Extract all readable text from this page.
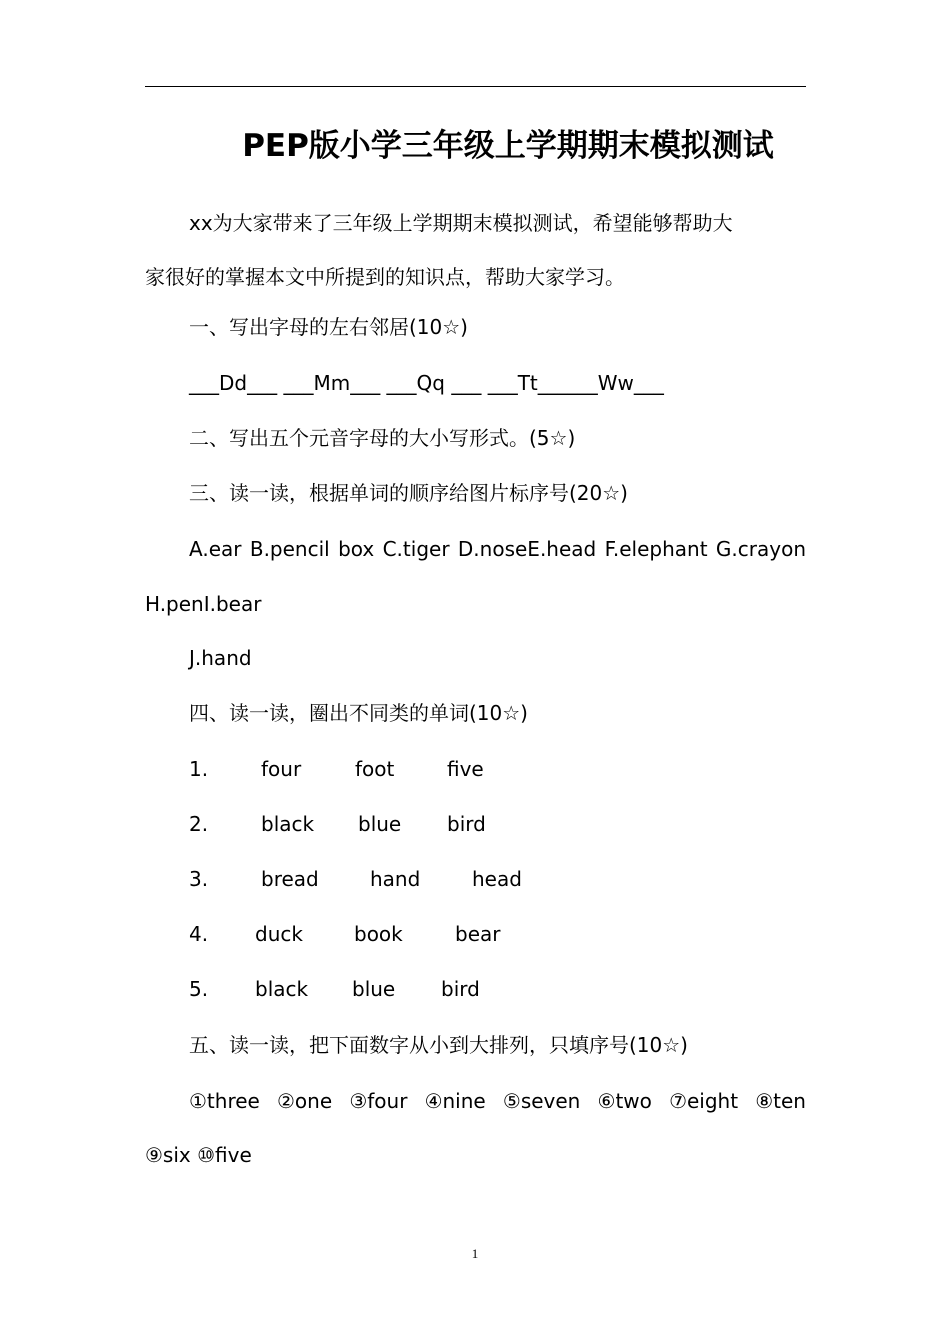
PEP版小学三年级上学期期末模拟测试
xx为大家带来了三年级上学期期末模拟测试，希望能够帮助大
家很好的掌握本文中所提到的知识点，帮助大家学习。
一、写出字母的左右邻居(10☆)
___Dd___ ___Mm___ ___Qq ___ ___Tt______Ww___
二、写出五个元音字母的大小写形式。(5☆)
三、读一读，根据单词的顺序给图片标序号(20☆)
A.ear B.pencil box C.tiger D.noseE.head F.elephant G.crayon
H.penI.bear
J.hand
四、读一读，圈出不同类的单词(10☆)
1.	four	foot	five
2.	black blue bird
3.	bread	hand	head
4. duck	book	bear
5. black blue bird
五、读一读，把下面数字从小到大排列，只填序号(10☆)
①three ②one ③four ④nine ⑤seven ⑥two ⑦eight ⑧ten
⑨six ⑩five
1
